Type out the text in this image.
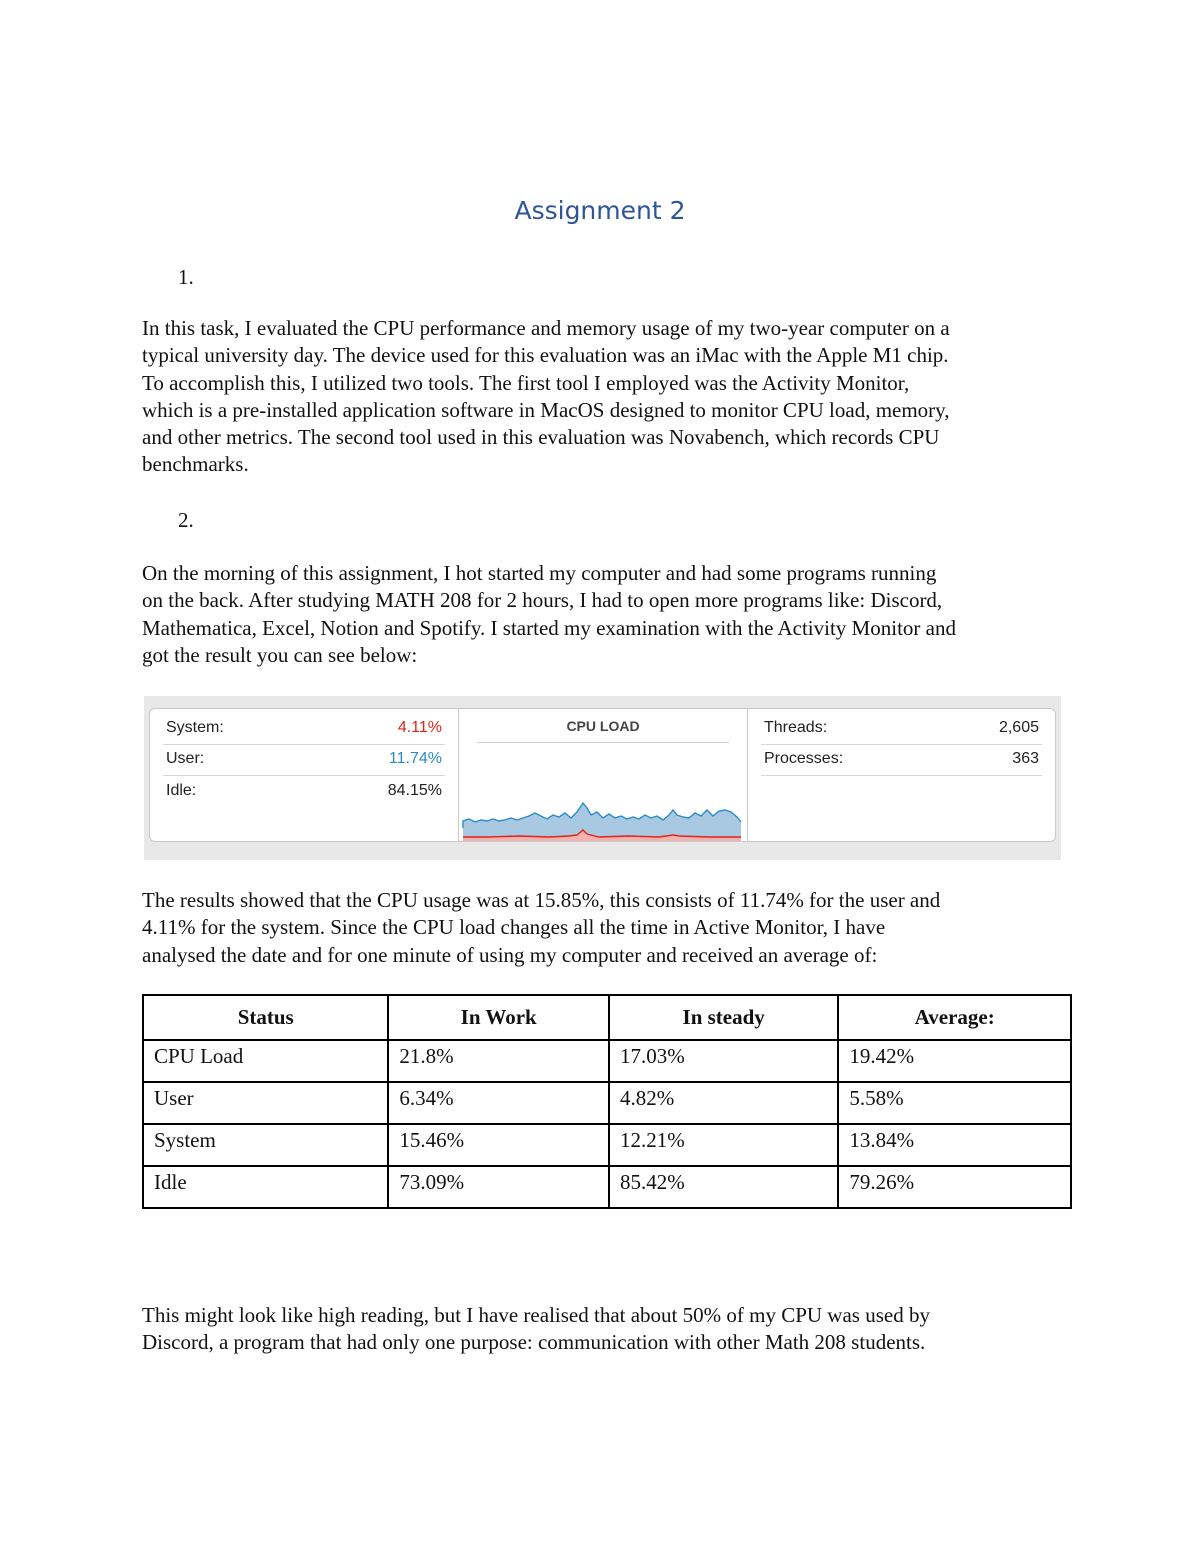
Assignment 2
1.

In this task, I evaluated the CPU performance and memory usage of my two-year computer on a
typical university day. The device used for this evaluation was an iMac with the Apple M1 chip.
To accomplish this, I utilized two tools. The first tool I employed was the Activity Monitor,
which is a pre-installed application software in MacOS designed to monitor CPU load, memory,
and other metrics. The second tool used in this evaluation was Novabench, which records CPU
benchmarks.

2.

On the morning of this assignment, I hot started my computer and had some programs running
on the back. After studying MATH 208 for 2 hours, I had to open more programs like: Discord,
Mathematica, Excel, Notion and Spotify. I started my examination with the Activity Monitor and
got the result you can see below:

System:	4.11%
User:	11.74%
Idle:	84.15%
CPU LOAD	Threads:	2,605
Processes:	363

The results showed that the CPU usage was at 15.85%, this consists of 11.74% for the user and
4.11% for the system. Since the CPU load changes all the time in Active Monitor, I have
analysed the date and for one minute of using my computer and received an average of:

Status	In Work	In steady	Average:
CPU Load	21.8%	17.03%	19.42%
User	6.34%	4.82%	5.58%
System	15.46%	12.21%	13.84%
Idle	73.09%	85.42%	79.26%

This might look like high reading, but I have realised that about 50% of my CPU was used by
Discord, a program that had only one purpose: communication with other Math 208 students.
